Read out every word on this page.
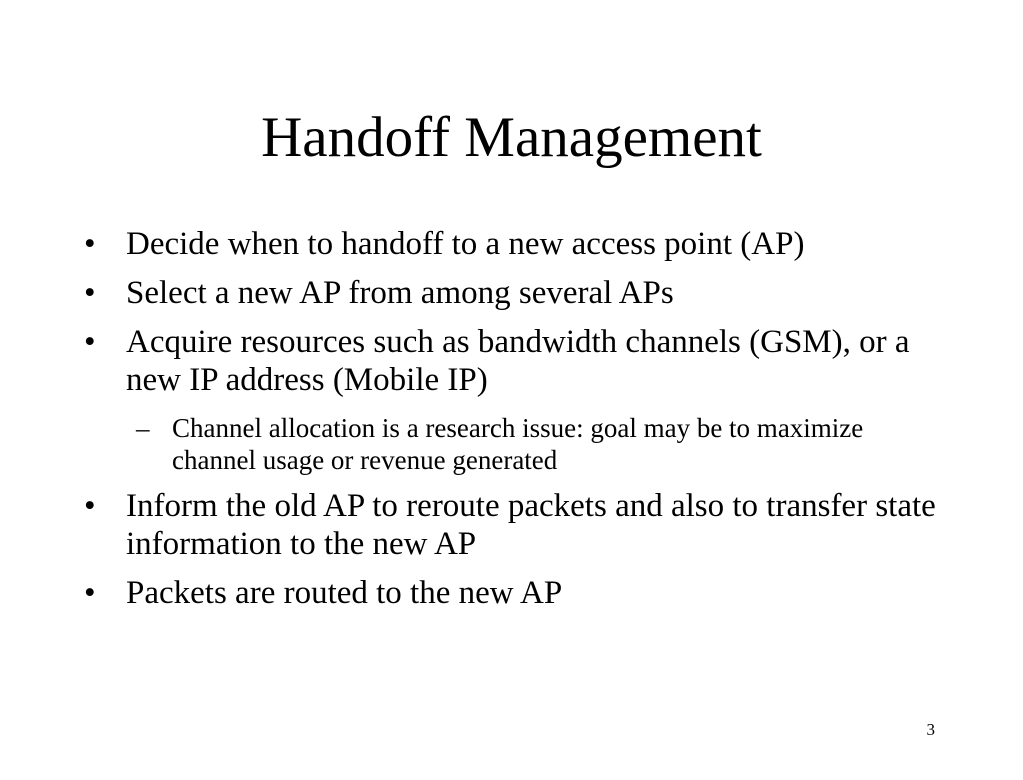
Handoff Management
• Decide when to handoff to a new access point (AP)
• Select a new AP from among several APs
• Acquire resources such as bandwidth channels (GSM), or a new IP address (Mobile IP)
– Channel allocation is a research issue: goal may be to maximize channel usage or revenue generated
• Inform the old AP to reroute packets and also to transfer state information to the new AP
• Packets are routed to the new AP
3
